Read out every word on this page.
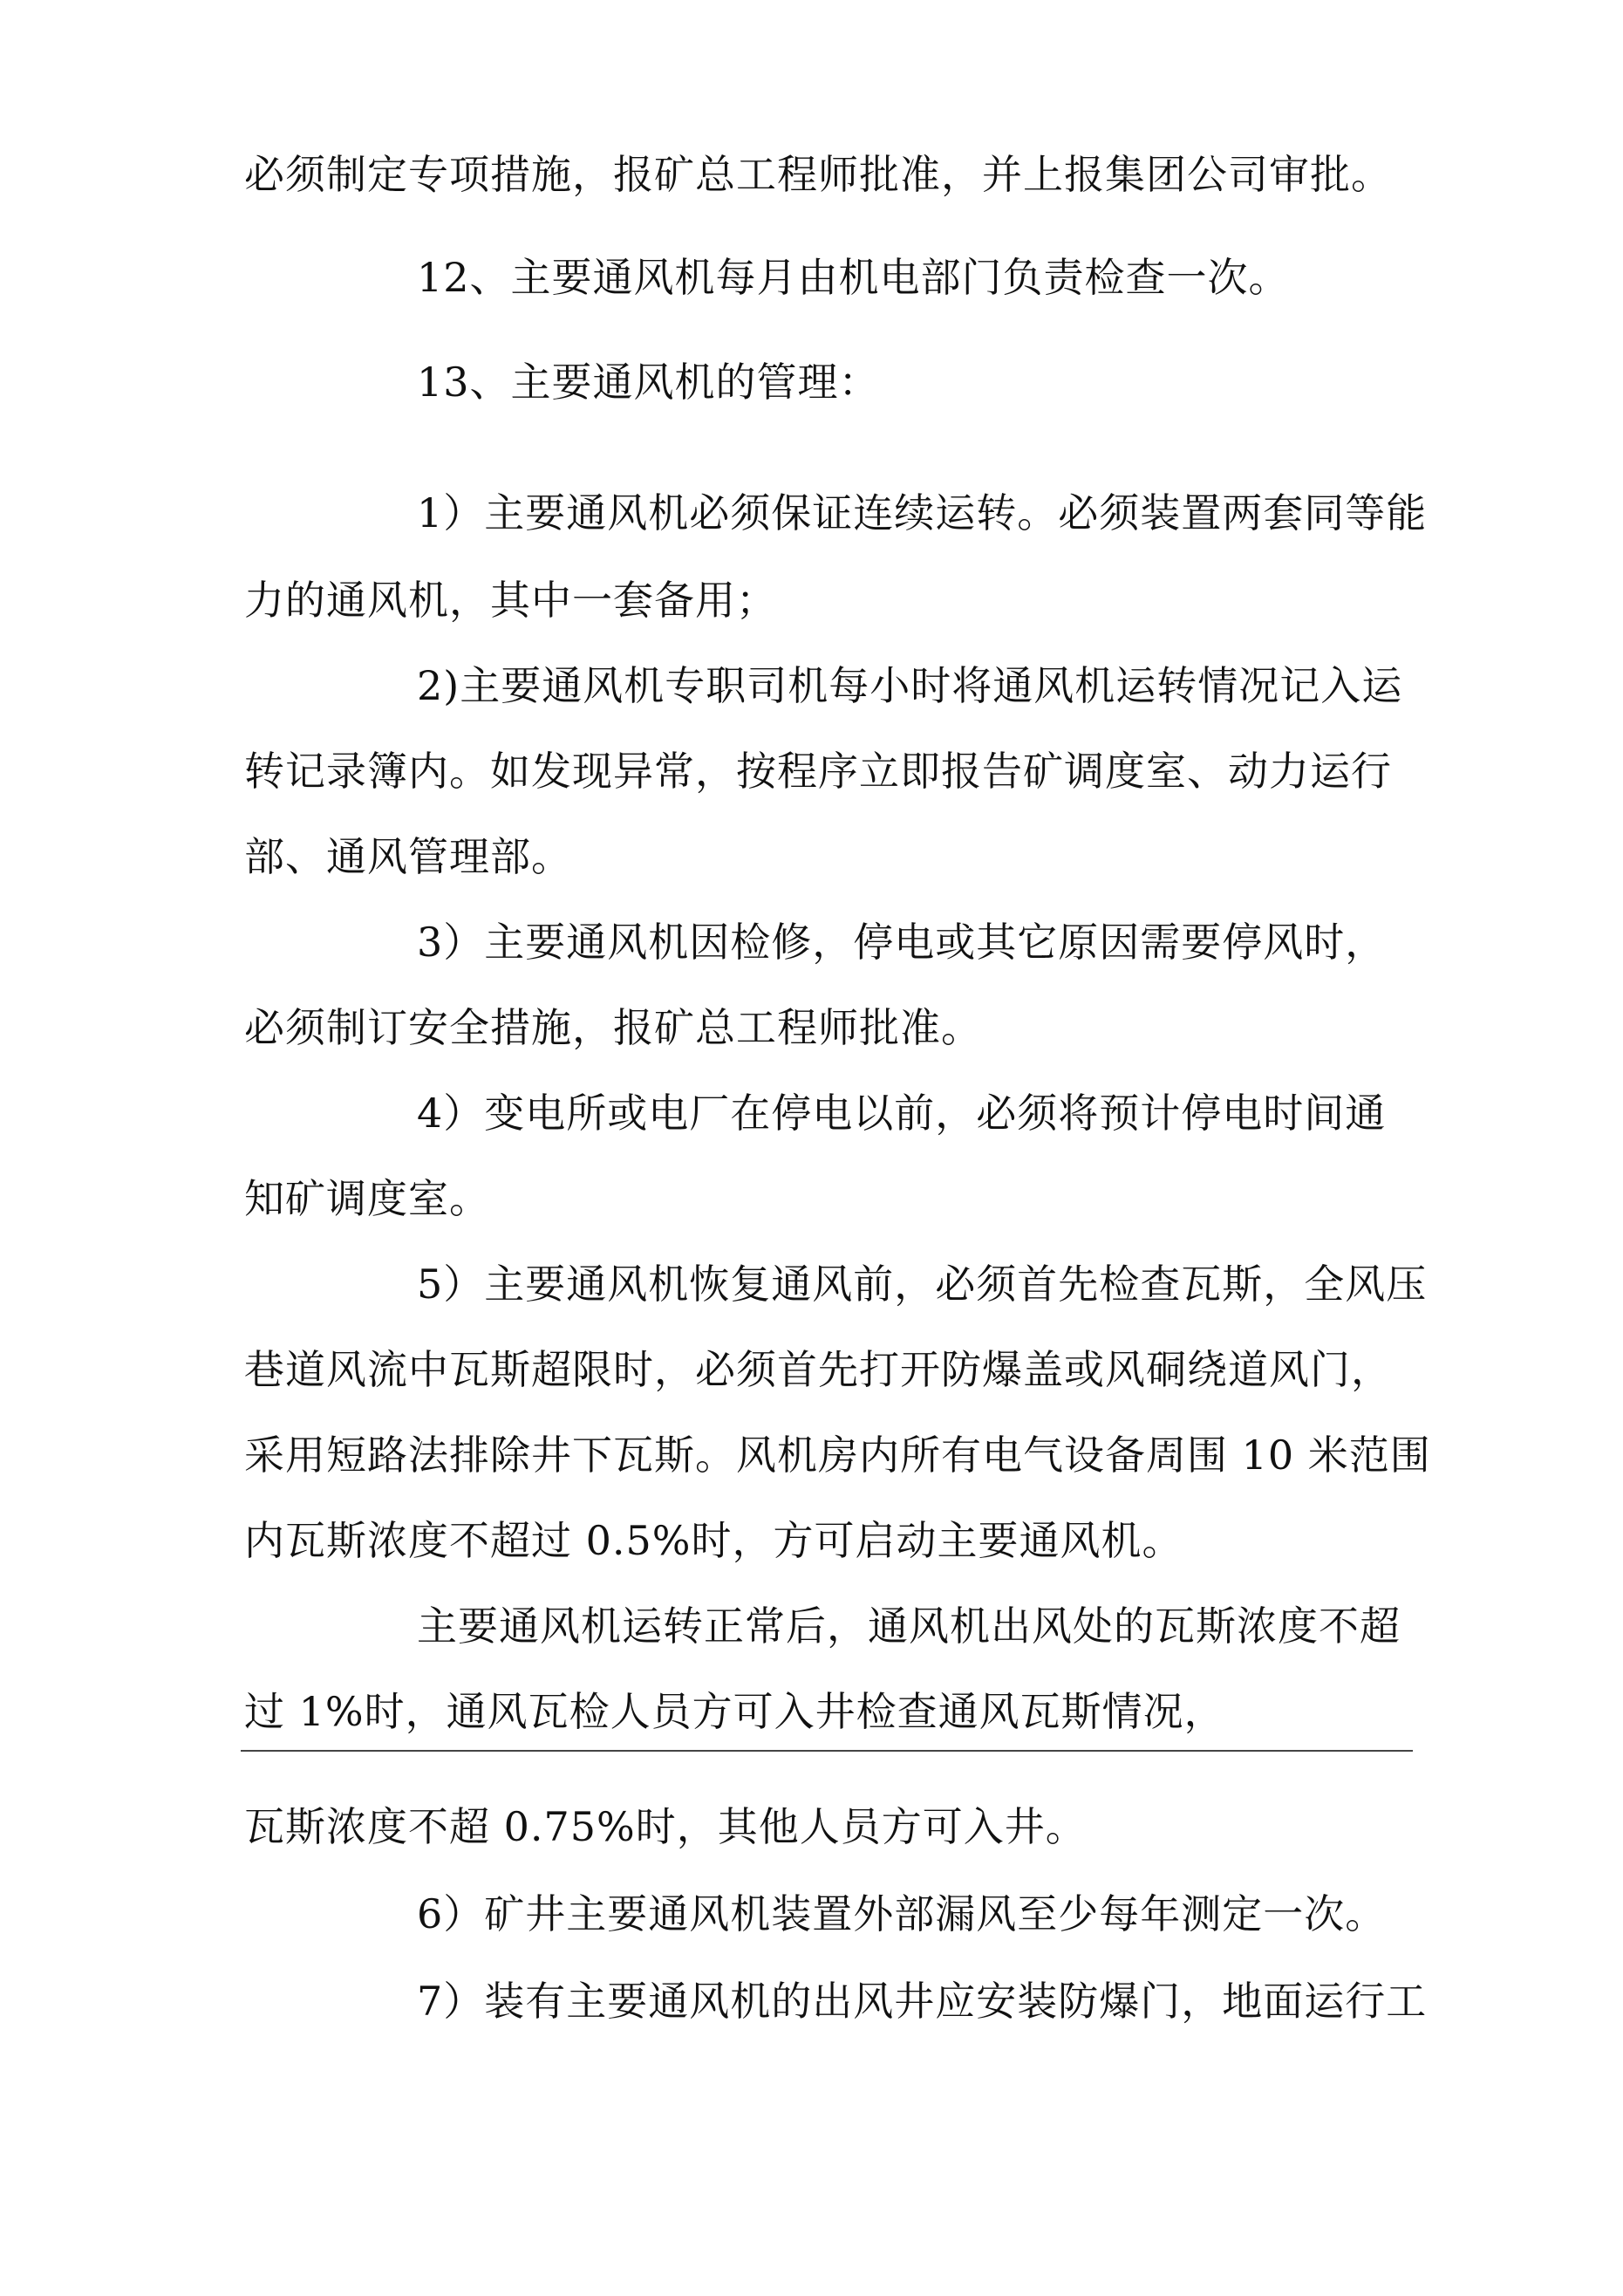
必须制定专项措施，报矿总工程师批准，并上报集团公司审批。
12、主要通风机每月由机电部门负责检查一次。
13、主要通风机的管理：
1）主要通风机必须保证连续运转。必须装置两套同等能
力的通风机，其中一套备用；
2)主要通风机专职司机每小时将通风机运转情况记入运
转记录簿内。如发现异常，按程序立即报告矿调度室、动力运行
部、通风管理部。
3）主要通风机因检修，停电或其它原因需要停风时，
必须制订安全措施，报矿总工程师批准。
4）变电所或电厂在停电以前，必须将预计停电时间通
知矿调度室。
5）主要通风机恢复通风前，必须首先检查瓦斯，全风压
巷道风流中瓦斯超限时，必须首先打开防爆盖或风硐绕道风门，
采用短路法排除井下瓦斯。风机房内所有电气设备周围 10 米范围
内瓦斯浓度不超过 0.5%时，方可启动主要通风机。
主要通风机运转正常后，通风机出风处的瓦斯浓度不超
过 1%时，通风瓦检人员方可入井检查通风瓦斯情况，
瓦斯浓度不超 0.75%时，其他人员方可入井。
6）矿井主要通风机装置外部漏风至少每年测定一次。
7）装有主要通风机的出风井应安装防爆门，地面运行工
